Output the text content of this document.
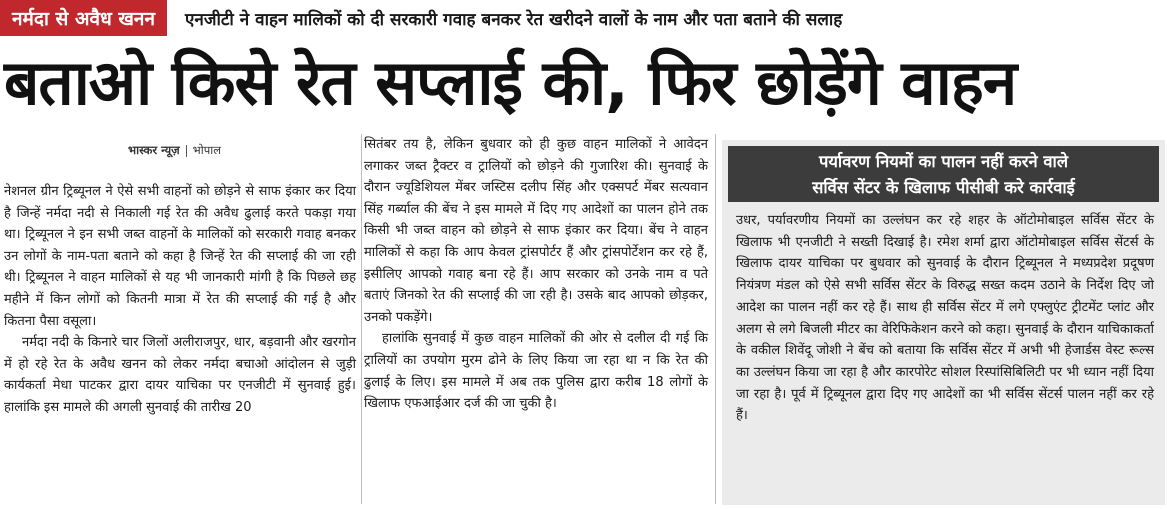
नर्मदा से अवैध खनन	एनजीटी ने वाहन मालिकों को दी सरकारी गवाह बनकर रेत खरीदने वालों के नाम और पता बताने की सलाह
बताओ किसे रेत सप्लाई की, फिर छोड़ेंगे वाहन
भास्कर न्यूज़ भोपाल

नेशनल ग्रीन ट्रिब्यूनल ने ऐसे सभी वाहनों को छोड़ने से साफ इंकार कर दिया है जिन्हें नर्मदा नदी से निकाली गई रेत की अवैध ढुलाई करते पकड़ा गया था। ट्रिब्यूनल ने इन सभी जब्त वाहनों के मालिकों को सरकारी गवाह बनकर उन लोगों के नाम-पता बताने को कहा है जिन्हें रेत की सप्लाई की जा रही थी। ट्रिब्यूनल ने वाहन मालिकों से यह भी जानकारी मांगी है कि पिछले छह महीने में किन लोगों को कितनी मात्रा में रेत की सप्लाई की गई है और कितना पैसा वसूला।

नर्मदा नदी के किनारे चार जिलों अलीराजपुर, धार, बड़वानी और खरगोन में हो रहे रेत के अवैध खनन को लेकर नर्मदा बचाओ आंदोलन से जुड़ी कार्यकर्ता मेधा पाटकर द्वारा दायर याचिका पर एनजीटी में सुनवाई हुई। हालांकि इस मामले की अगली सुनवाई की तारीख 20

सितंबर तय है, लेकिन बुधवार को ही कुछ वाहन मालिकों ने आवेदन लगाकर जब्त ट्रैक्टर व ट्रालियों को छोड़ने की गुजारिश की। सुनवाई के दौरान ज्यूडिशियल मेंबर जस्टिस दलीप सिंह और एक्सपर्ट मेंबर सत्यवान सिंह गर्ब्याल की बेंच ने इस मामले में दिए गए आदेशों का पालन होने तक किसी भी जब्त वाहन को छोड़ने से साफ इंकार कर दिया। बेंच ने वाहन मालिकों से कहा कि आप केवल ट्रांसपोर्टर हैं और ट्रांसपोर्टेशन कर रहे हैं, इसीलिए आपको गवाह बना रहे हैं। आप सरकार को उनके नाम व पते बताएं जिनको रेत की सप्लाई की जा रही है। उसके बाद आपको छोड़कर, उनको पकड़ेंगे।

हालांकि सुनवाई में कुछ वाहन मालिकों की ओर से दलील दी गई कि ट्रालियों का उपयोग मुरम ढोने के लिए किया जा रहा था न कि रेत की ढुलाई के लिए। इस मामले में अब तक पुलिस द्वारा करीब 18 लोगों के खिलाफ एफआईआर दर्ज की जा चुकी है।

पर्यावरण नियमों का पालन नहीं करने वाले
सर्विस सेंटर के खिलाफ पीसीबी करे कार्रवाई

उधर, पर्यावरणीय नियमों का उल्लंघन कर रहे शहर के ऑटोमोबाइल सर्विस सेंटर के खिलाफ भी एनजीटी ने सख्ती दिखाई है। रमेश शर्मा द्वारा ऑटोमोबाइल सर्विस सेंटर्स के खिलाफ दायर याचिका पर बुधवार को सुनवाई के दौरान ट्रिब्यूनल ने मध्यप्रदेश प्रदूषण नियंत्रण मंडल को ऐसे सभी सर्विस सेंटर के विरुद्ध सख्त कदम उठाने के निर्देश दिए जो आदेश का पालन नहीं कर रहे हैं। साथ ही सर्विस सेंटर में लगे एफ्लुएंट ट्रीटमेंट प्लांट और अलग से लगे बिजली मीटर का वेरिफिकेशन करने को कहा। सुनवाई के दौरान याचिकाकर्ता के वकील शिवेंदू जोशी ने बेंच को बताया कि सर्विस सेंटर में अभी भी हेजार्डस वेस्ट रूल्स का उल्लंघन किया जा रहा है और कारपोरेट सोशल रिस्पांसिबिलिटी पर भी ध्यान नहीं दिया जा रहा है। पूर्व में ट्रिब्यूनल द्वारा दिए गए आदेशों का भी सर्विस सेंटर्स पालन नहीं कर रहे हैं।
